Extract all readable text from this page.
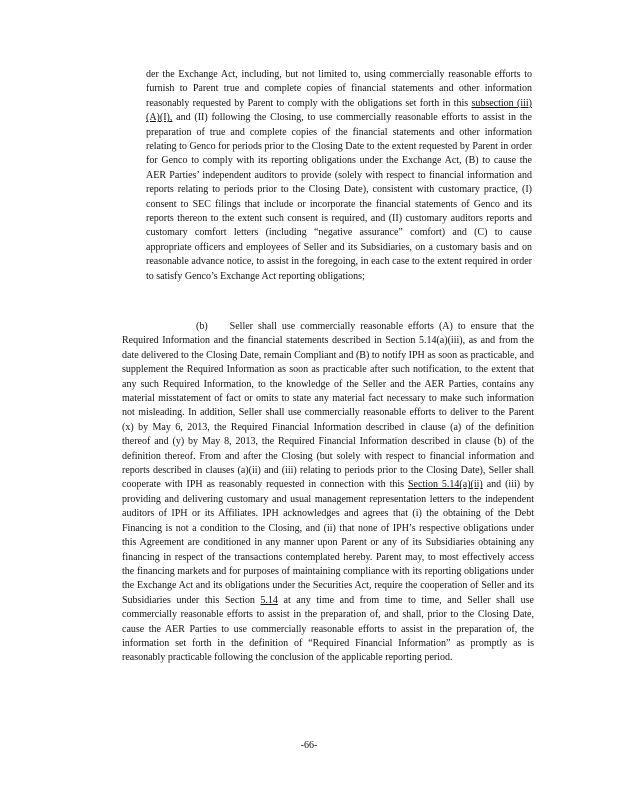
der the Exchange Act, including, but not limited to, using commercially reasonable efforts to furnish to Parent true and complete copies of financial statements and other information reasonably requested by Parent to comply with the obligations set forth in this subsection (iii)(A)(I), and (II) following the Closing, to use commercially reasonable efforts to assist in the preparation of true and complete copies of the financial statements and other information relating to Genco for periods prior to the Closing Date to the extent requested by Parent in order for Genco to comply with its reporting obligations under the Exchange Act, (B) to cause the AER Parties’ independent auditors to provide (solely with respect to financial information and reports relating to periods prior to the Closing Date), consistent with customary practice, (I) consent to SEC filings that include or incorporate the financial statements of Genco and its reports thereon to the extent such consent is required, and (II) customary auditors reports and customary comfort letters (including “negative assurance” comfort) and (C) to cause appropriate officers and employees of Seller and its Subsidiaries, on a customary basis and on reasonable advance notice, to assist in the foregoing, in each case to the extent required in order to satisfy Genco’s Exchange Act reporting obligations;
(b) Seller shall use commercially reasonable efforts (A) to ensure that the Required Information and the financial statements described in Section 5.14(a)(iii), as and from the date delivered to the Closing Date, remain Compliant and (B) to notify IPH as soon as practicable, and supplement the Required Information as soon as practicable after such notification, to the extent that any such Required Information, to the knowledge of the Seller and the AER Parties, contains any material misstatement of fact or omits to state any material fact necessary to make such information not misleading. In addition, Seller shall use commercially reasonable efforts to deliver to the Parent (x) by May 6, 2013, the Required Financial Information described in clause (a) of the definition thereof and (y) by May 8, 2013, the Required Financial Information described in clause (b) of the definition thereof. From and after the Closing (but solely with respect to financial information and reports described in clauses (a)(ii) and (iii) relating to periods prior to the Closing Date), Seller shall cooperate with IPH as reasonably requested in connection with this Section 5.14(a)(ii) and (iii) by providing and delivering customary and usual management representation letters to the independent auditors of IPH or its Affiliates. IPH acknowledges and agrees that (i) the obtaining of the Debt Financing is not a condition to the Closing, and (ii) that none of IPH’s respective obligations under this Agreement are conditioned in any manner upon Parent or any of its Subsidiaries obtaining any financing in respect of the transactions contemplated hereby. Parent may, to most effectively access the financing markets and for purposes of maintaining compliance with its reporting obligations under the Exchange Act and its obligations under the Securities Act, require the cooperation of Seller and its Subsidiaries under this Section 5.14 at any time and from time to time, and Seller shall use commercially reasonable efforts to assist in the preparation of, and shall, prior to the Closing Date, cause the AER Parties to use commercially reasonable efforts to assist in the preparation of, the information set forth in the definition of “Required Financial Information” as promptly as is reasonably practicable following the conclusion of the applicable reporting period.
-66-
